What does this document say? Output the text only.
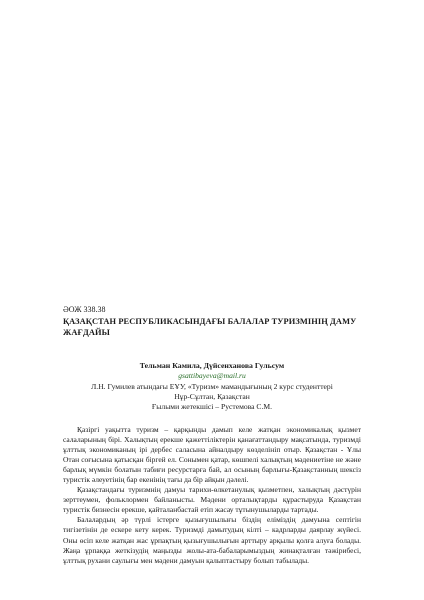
ӘОЖ 338.38
ҚАЗАҚСТАН РЕСПУБЛИКАСЫНДАҒЫ БАЛАЛАР ТУРИЗМІНІҢ ДАМУ ЖАҒДАЙЫ
Тельман Камила, Дүйсенханова Гульсум
gsattibayeva@mail.ru
Л.Н. Гумилев атындағы ЕҰУ, «Туризм» мамандығының 2 курс студенттері
Нұр-Сұлтан, Қазақстан
Ғылыми жетекшісі – Рустемова С.М.

Қазіргі уақытта туризм – қарқынды дамып келе жатқан экономикалық қызмет салаларының бірі. Халықтың ерекше қажеттіліктерін қанағаттандыру мақсатында, туризмді ұлттық экономиканың ірі дербес саласына айналдыру көзделініп отыр. Қазақстан - Ұлы Отан соғысына қатысқан біргей ел. Сонымен қатар, көшпелі халықтың мәдениетіне не және барлық мүмкін болатын табиғи ресурстарға бай, ал осының барлығы-Қазақстанның шексіз туристік әлеуетінің бар екенінің тағы да бір айқын дәлелі.

Қазақстандағы туризмнің дамуы тарихи-өлкетанулық қызметпен, халықтың дәстүрін зерттеумен, фольклормен байланысты. Мәдени орталықтарды құрастыруда Қазақстан туристік бизнесін ерекше, қайталанбастай етіп жасау тұтынушыларды тартады.

Балалардың әр түрлі істерге қызығушылығы біздің еліміздің дамуына септігін тигізетінін де ескере кету керек. Туризмді дамытудың кілті – кадрларды даярлау жүйесі. Оны өсіп келе жатқан жас ұрпақтың қызығушылығын арттыру арқылы қолға алуға болады. Жаңа ұрпаққа жеткізудің маңызды жолы-ата-бабаларымыздың жинақталған тәжірибесі, ұлттық рухани саулығы мен мәдени дамуын қалыптастыру болып табылады.
